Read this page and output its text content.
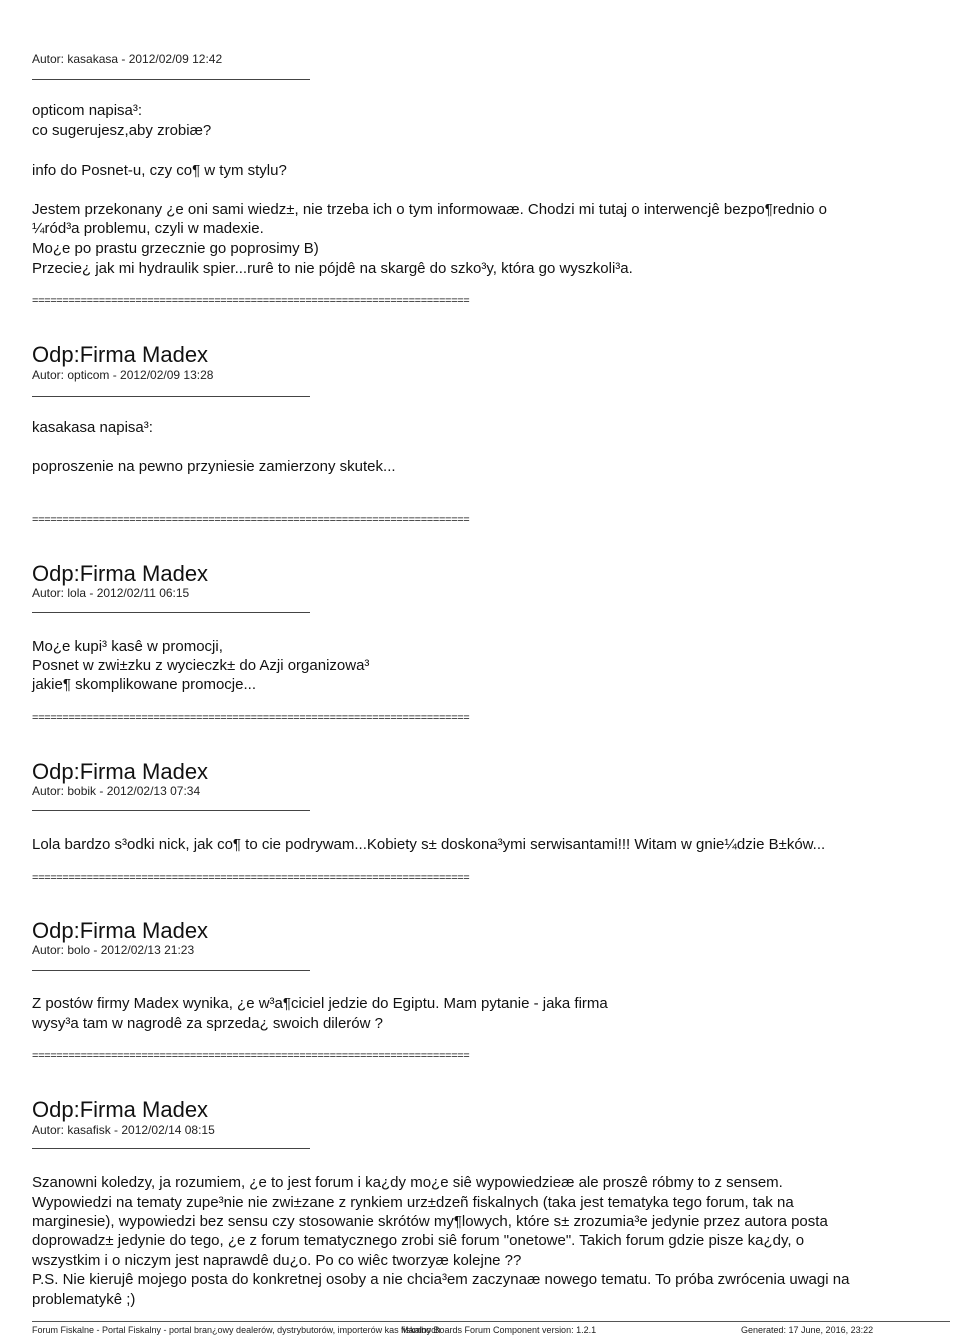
Autor: kasakasa - 2012/02/09 12:42
opticom napisa³:
co sugerujesz,aby zrobiæ?
info do Posnet-u, czy co¶ w tym stylu?
Jestem przekonany ¿e oni sami wiedz±, nie trzeba ich o tym informowaæ. Chodzi mi tutaj o interwencjê bezpo¶rednio o
¼ród³a problemu, czyli w madexie.
Mo¿e po prastu grzecznie go poprosimy B)
Przecie¿ jak mi hydraulik spier...rurê to nie pójdê na skargê do szko³y, która go wyszkoli³a.
========================================================================
Odp:Firma Madex
Autor: opticom - 2012/02/09 13:28
kasakasa napisa³:
poproszenie na pewno przyniesie zamierzony skutek...
========================================================================
Odp:Firma Madex
Autor: lola - 2012/02/11 06:15
Mo¿e kupi³ kasê w promocji,
Posnet w zwi±zku z wycieczk± do Azji organizowa³
jakie¶ skomplikowane promocje...
========================================================================
Odp:Firma Madex
Autor: bobik - 2012/02/13 07:34
Lola bardzo s³odki nick, jak co¶ to cie podrywam...Kobiety s± doskona³ymi serwisantami!!! Witam w gnie¼dzie B±ków...
========================================================================
Odp:Firma Madex
Autor: bolo - 2012/02/13 21:23
Z postów firmy Madex wynika, ¿e w³a¶ciciel jedzie do Egiptu. Mam pytanie - jaka firma
wysy³a tam w nagrodê za sprzeda¿ swoich dilerów ?
========================================================================
Odp:Firma Madex
Autor: kasafisk - 2012/02/14 08:15
Szanowni koledzy, ja rozumiem, ¿e to jest forum i ka¿dy mo¿e siê wypowiedzieæ ale proszê róbmy to z sensem.
Wypowiedzi na tematy zupe³nie nie zwi±zane z rynkiem urz±dzeñ fiskalnych (taka jest tematyka tego forum, tak na
marginesie), wypowiedzi bez sensu czy stosowanie skrótów my¶lowych, które s± zrozumia³e jedynie przez autora posta
doprowadz± jedynie do tego, ¿e z forum tematycznego zrobi siê forum "onetowe". Takich forum gdzie pisze ka¿dy, o
wszystkim i o niczym jest naprawdê du¿o. Po co wiêc tworzyæ kolejne ??
P.S. Nie kierujê mojego posta do konkretnej osoby a nie chcia³em zaczynaæ nowego tematu. To próba zwrócenia uwagi na
problematykê ;)
Forum Fiskalne - Portal Fiskalny - portal bran¿owy dealerów, dystrybutorów, importerów kas fiskalnych
Mambo Boards Forum Component version: 1.2.1	Generated: 17 June, 2016, 23:22
